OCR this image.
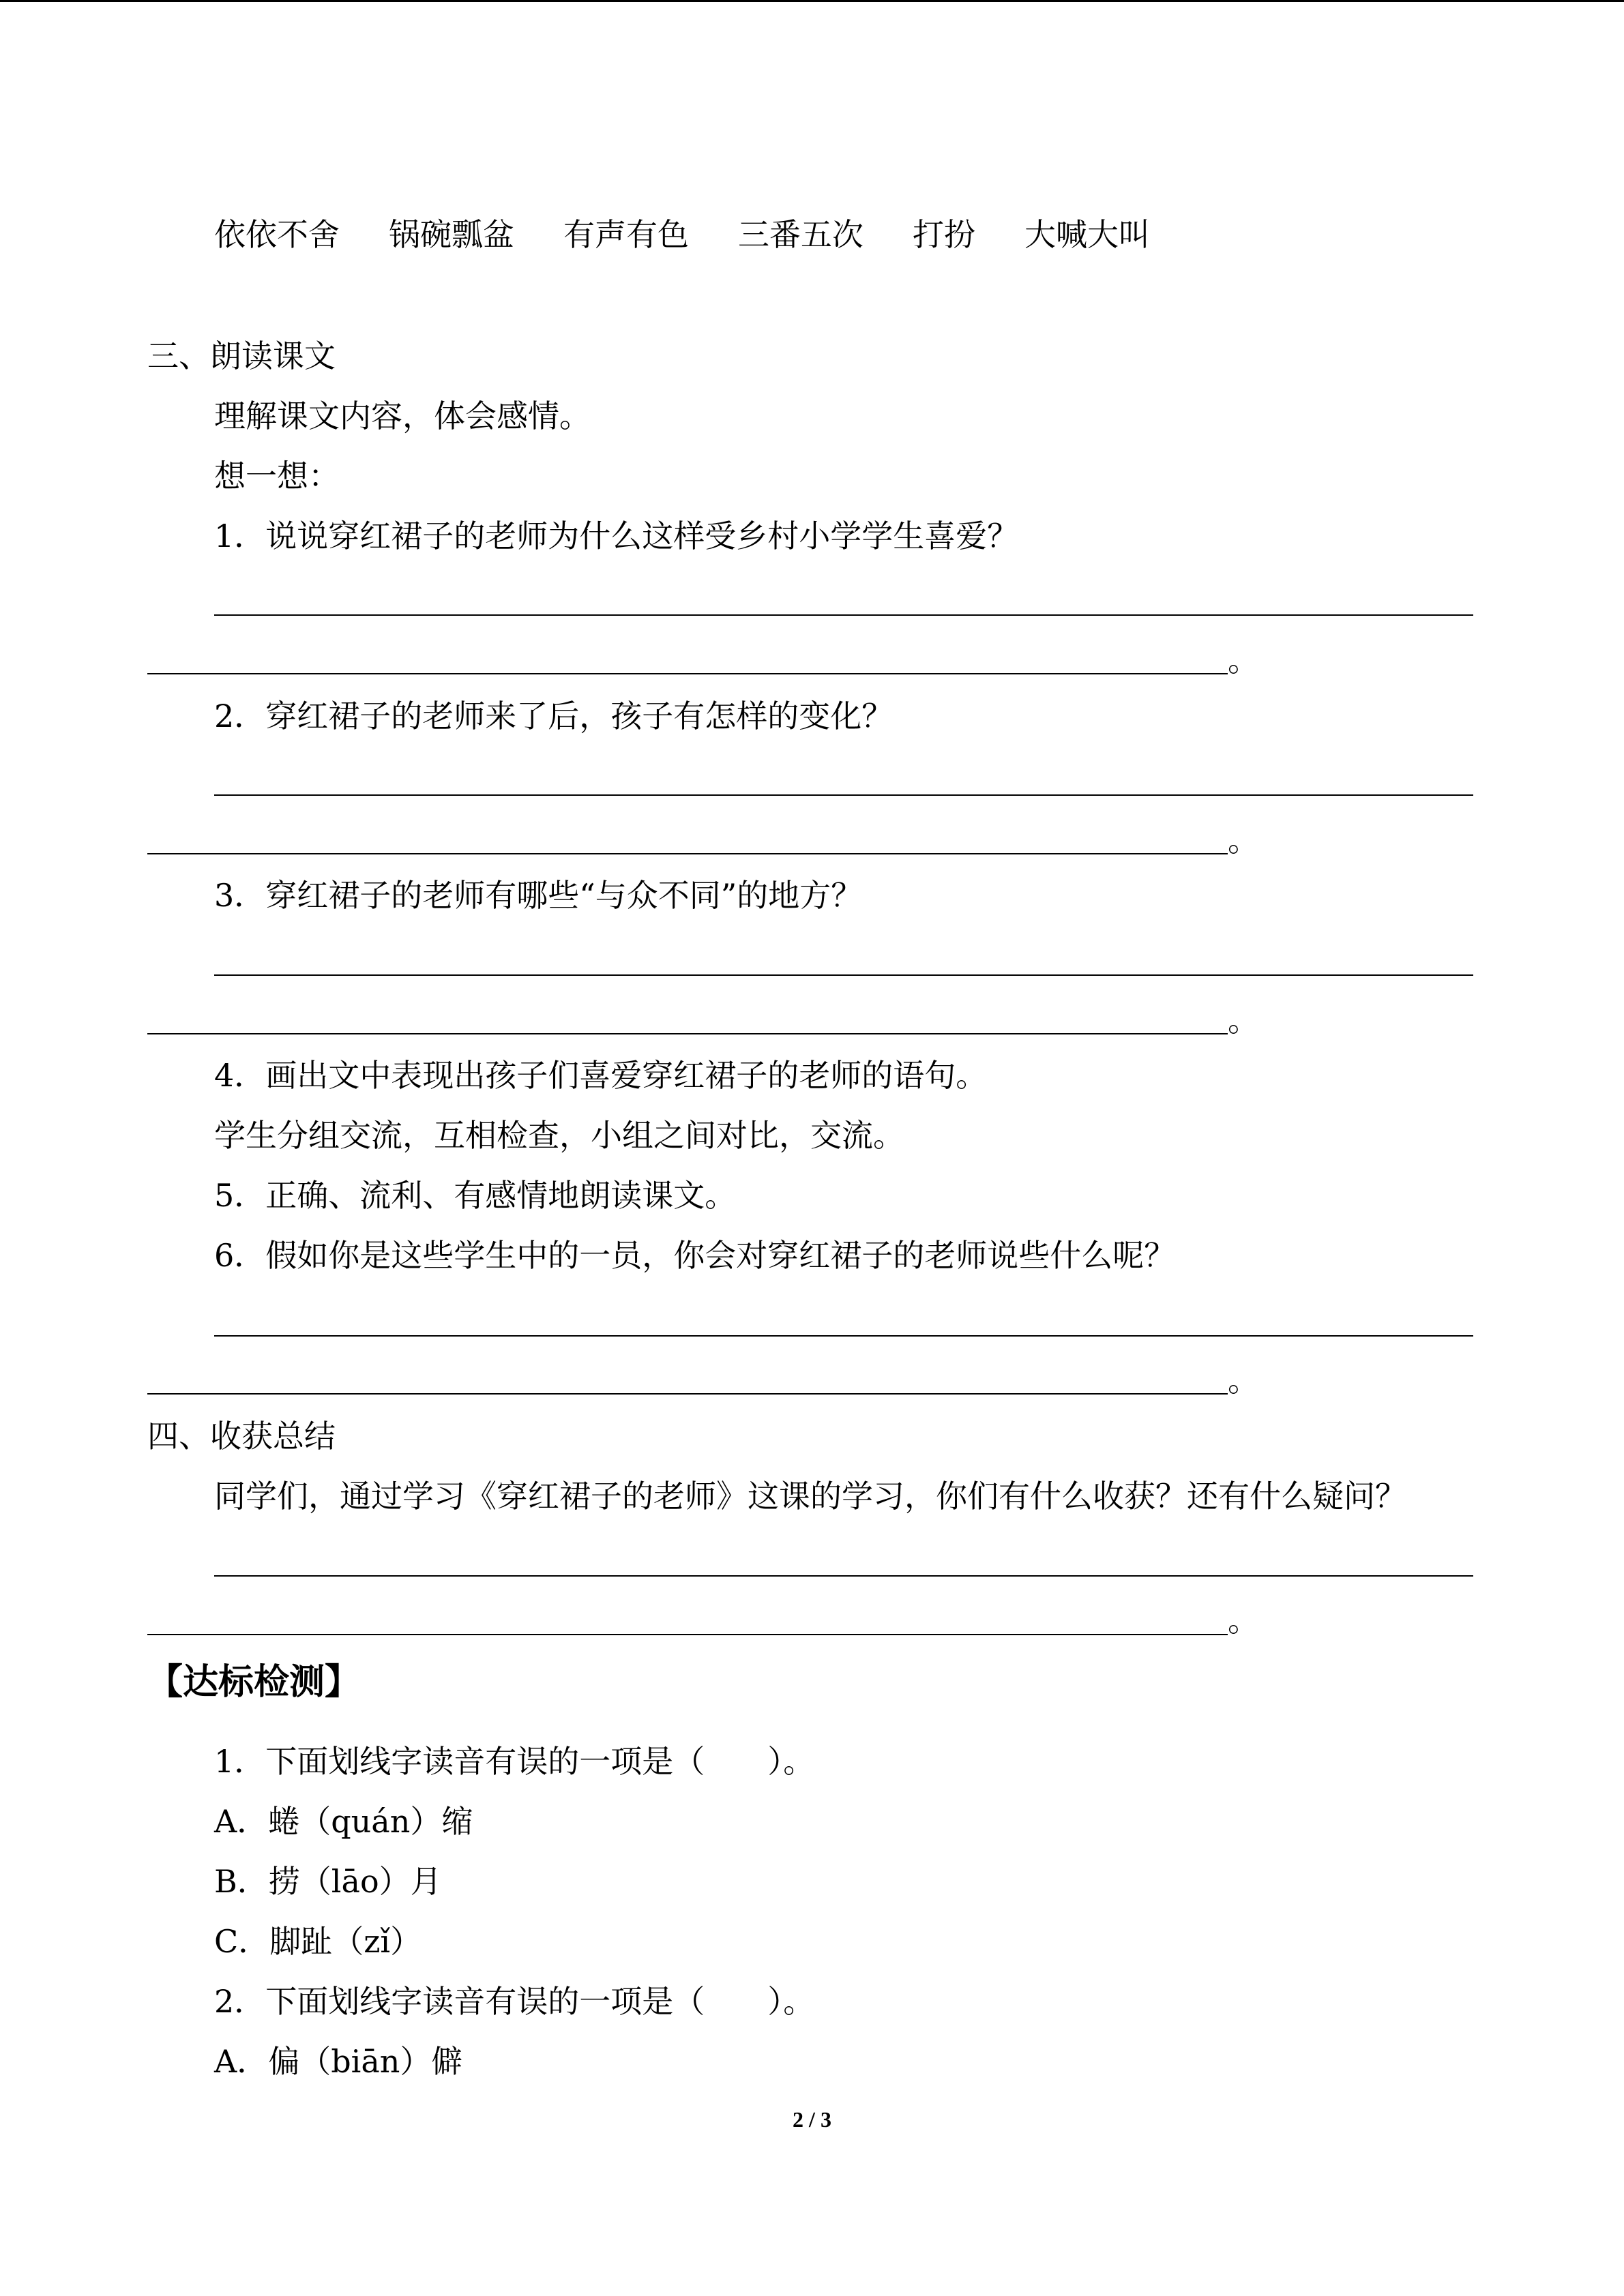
依依不舍 锅碗瓢盆 有声有色 三番五次 打扮 大喊大叫
三、朗读课文
理解课文内容，体会感情。
想一想：
1．说说穿红裙子的老师为什么这样受乡村小学学生喜爱？
。
2．穿红裙子的老师来了后，孩子有怎样的变化？
。
3．穿红裙子的老师有哪些“与众不同”的地方？
。
4．画出文中表现出孩子们喜爱穿红裙子的老师的语句。
学生分组交流，互相检查，小组之间对比，交流。
5．正确、流利、有感情地朗读课文。
6．假如你是这些学生中的一员，你会对穿红裙子的老师说些什么呢？
。
四、收获总结
同学们，通过学习《穿红裙子的老师》这课的学习，你们有什么收获？还有什么疑问？
。
【达标检测】
1．下面划线字读音有误的一项是（　　）。
A．蜷（quán）缩
B．捞（lāo）月
C．脚趾（zǐ）
2．下面划线字读音有误的一项是（　　）。
A．偏（biān）僻
2 / 3
